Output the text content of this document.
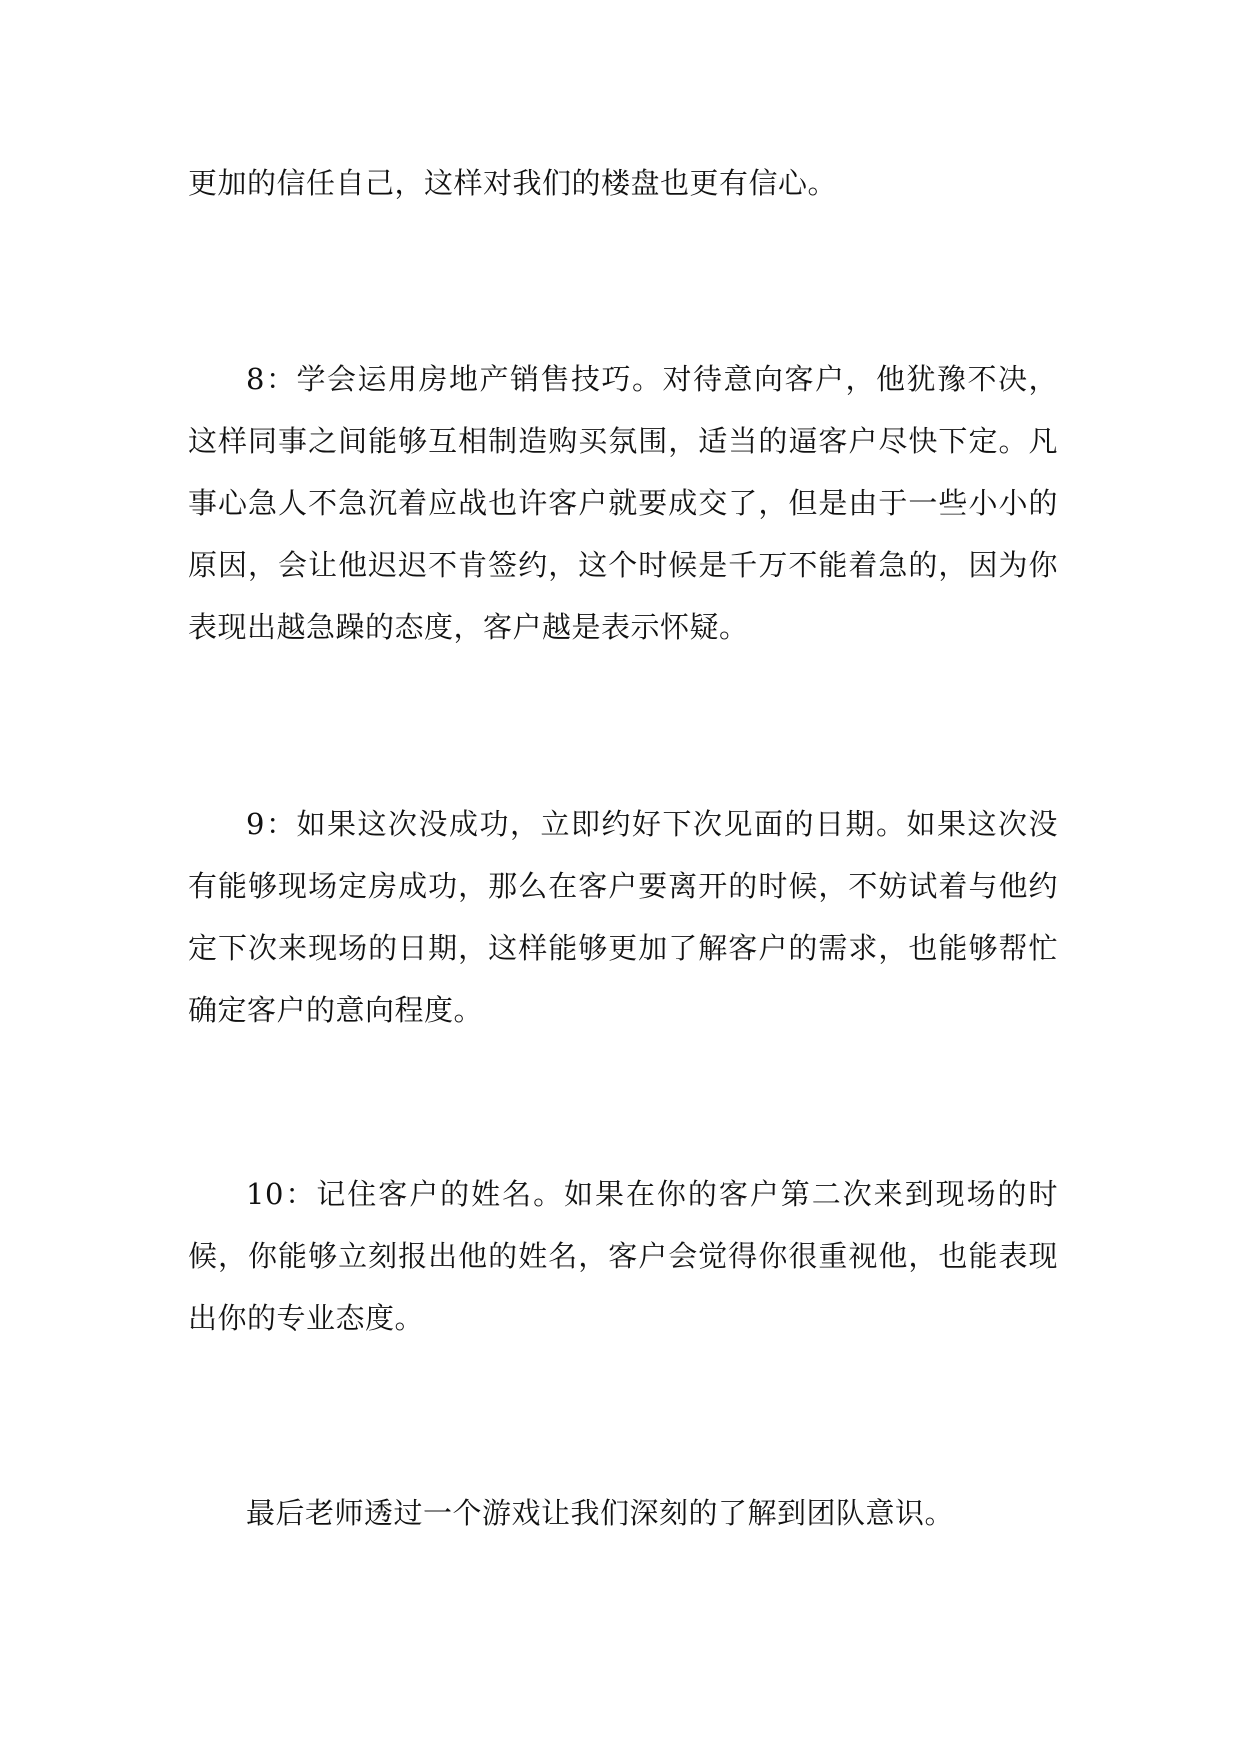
更加的信任自己，这样对我们的楼盘也更有信心。

8：学会运用房地产销售技巧。对待意向客户，他犹豫不决，这样同事之间能够互相制造购买氛围，适当的逼客户尽快下定。凡事心急人不急沉着应战也许客户就要成交了，但是由于一些小小的原因，会让他迟迟不肯签约，这个时候是千万不能着急的，因为你表现出越急躁的态度，客户越是表示怀疑。

9：如果这次没成功，立即约好下次见面的日期。如果这次没有能够现场定房成功，那么在客户要离开的时候，不妨试着与他约定下次来现场的日期，这样能够更加了解客户的需求，也能够帮忙确定客户的意向程度。

10：记住客户的姓名。如果在你的客户第二次来到现场的时候，你能够立刻报出他的姓名，客户会觉得你很重视他，也能表现出你的专业态度。

最后老师透过一个游戏让我们深刻的了解到团队意识。
